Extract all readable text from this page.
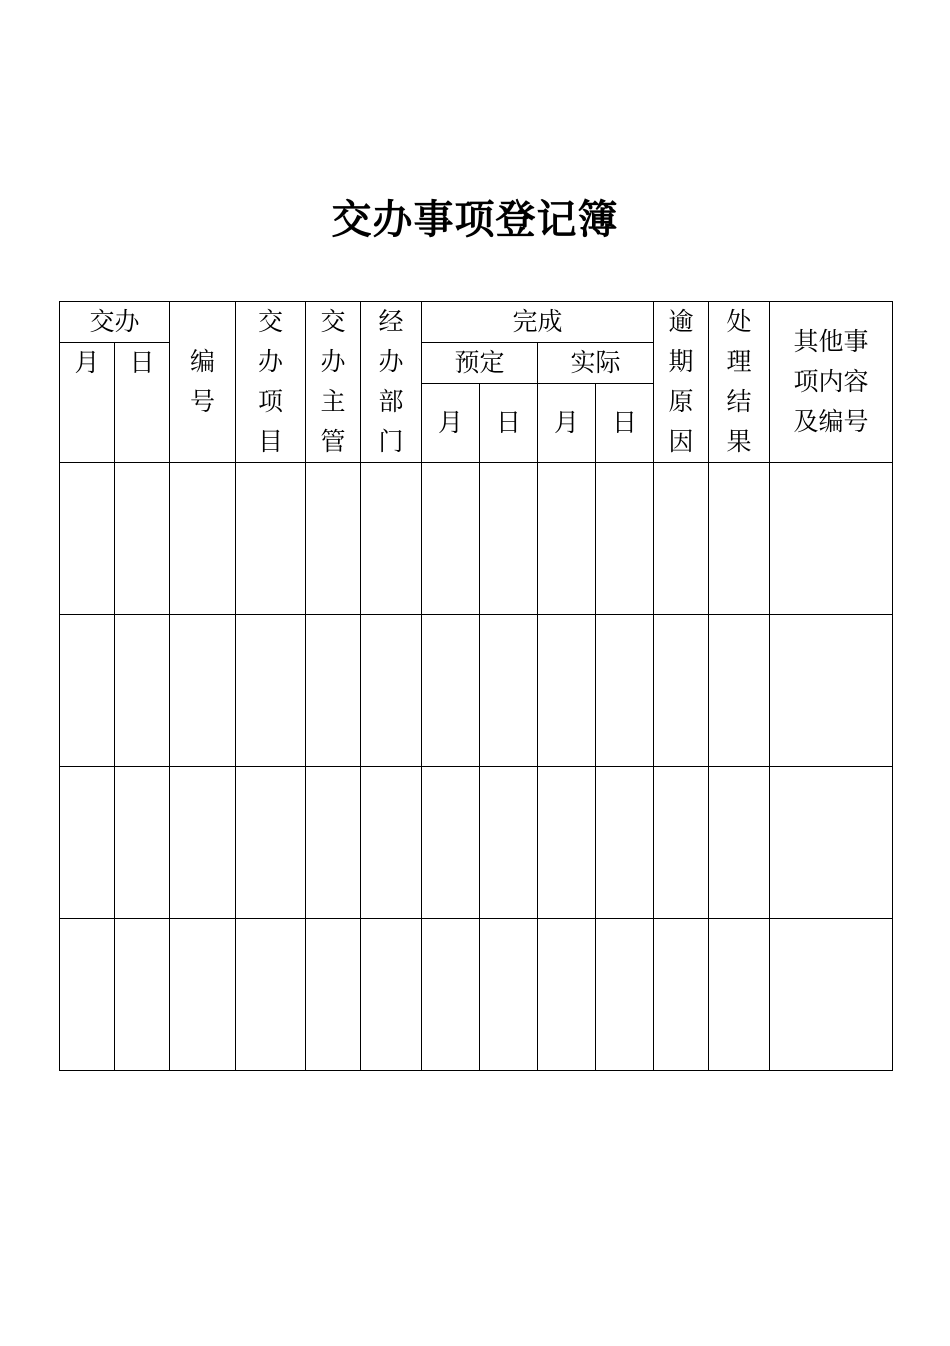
交办事项登记簿
交办		编号	交办项目	交办主管	经办部门	完成				逾期原因	处理结果	其他事
项内容
及编号
月	日					预定		实际				
						月	日	月	日			
